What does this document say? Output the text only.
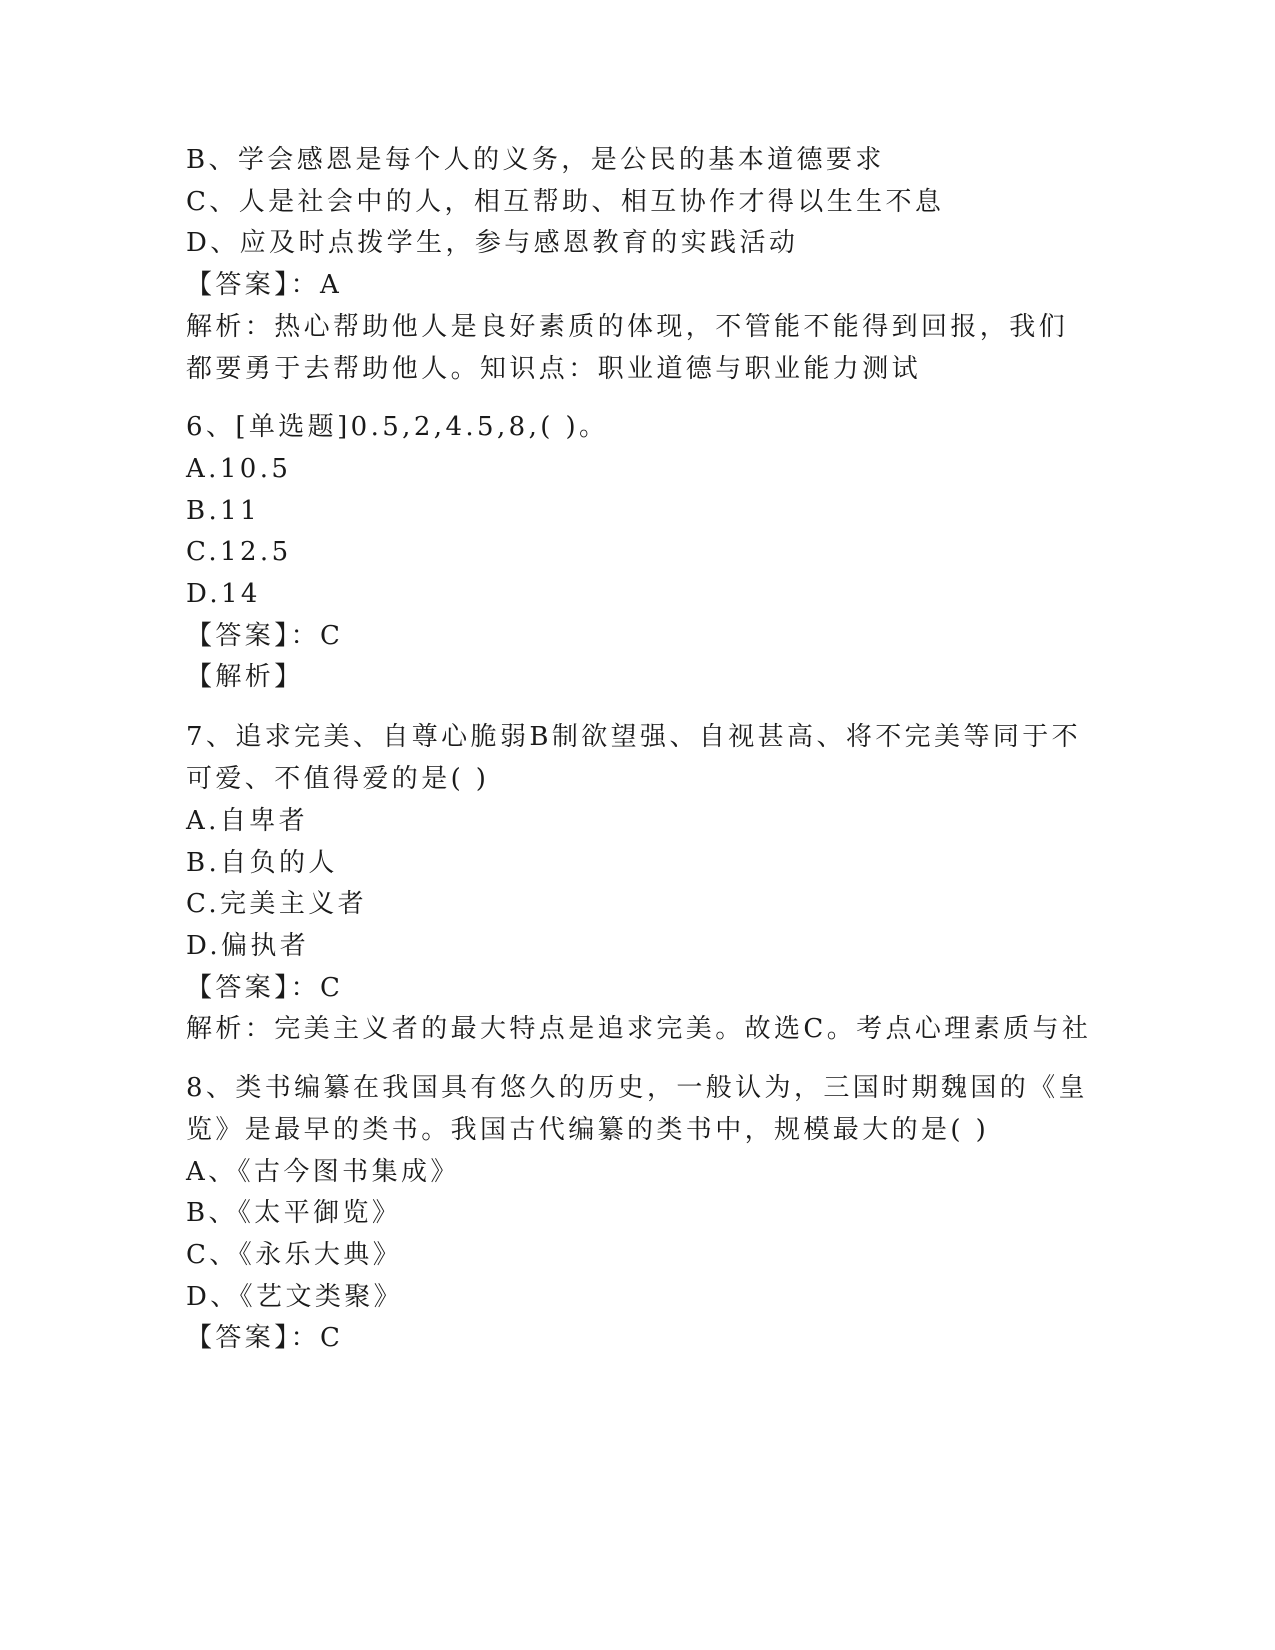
B、学会感恩是每个人的义务，是公民的基本道德要求
C、人是社会中的人，相互帮助、相互协作才得以生生不息
D、应及时点拨学生，参与感恩教育的实践活动
【答案】：A
解析：热心帮助他人是良好素质的体现，不管能不能得到回报，我们
都要勇于去帮助他人。知识点：职业道德与职业能力测试
6、[单选题]0.5,2,4.5,8,( )。
A.10.5
B.11
C.12.5
D.14
【答案】：C
【解析】
7、追求完美、自尊心脆弱B制欲望强、自视甚高、将不完美等同于不
可爱、不值得爱的是( )
A.自卑者
B.自负的人
C.完美主义者
D.偏执者
【答案】：C
解析：完美主义者的最大特点是追求完美。故选C。考点心理素质与社
8、类书编纂在我国具有悠久的历史，一般认为，三国时期魏国的《皇
览》是最早的类书。我国古代编纂的类书中，规模最大的是( )
A、《古今图书集成》
B、《太平御览》
C、《永乐大典》
D、《艺文类聚》
【答案】：C
